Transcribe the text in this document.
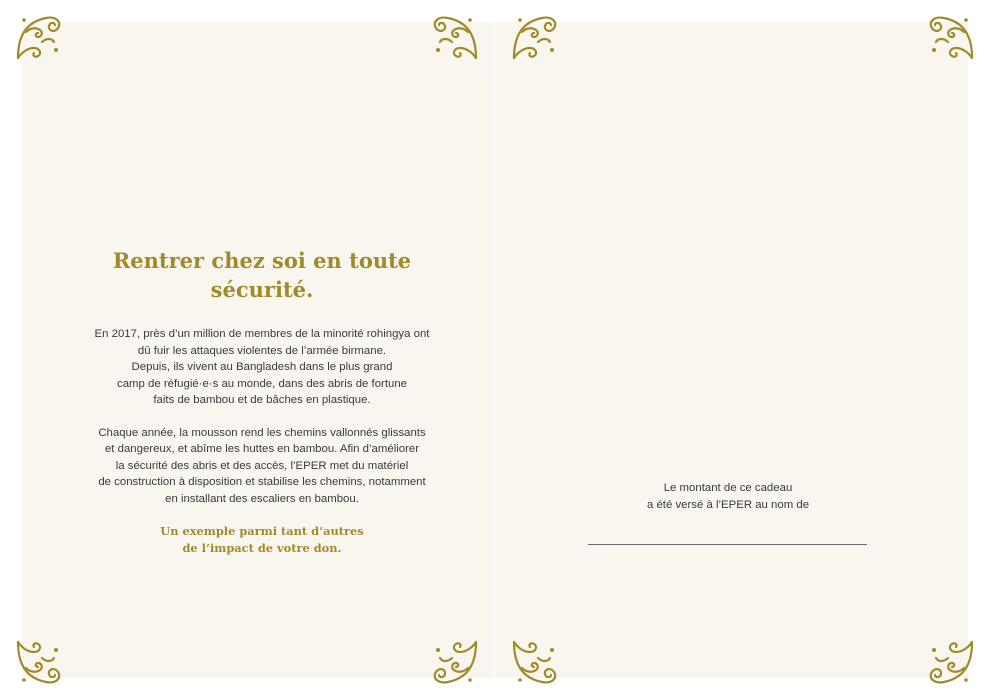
Rentrer chez soi en toute
sécurité.

En 2017, près d’un million de membres de la minorité rohingya ont
dû fuir les attaques violentes de l’armée birmane.
Depuis, ils vivent au Bangladesh dans le plus grand
camp de réfugié·e·s au monde, dans des abris de fortune
faits de bambou et de bâches en plastique.

Chaque année, la mousson rend les chemins vallonnés glissants
et dangereux, et abîme les huttes en bambou. Afin d’améliorer
la sécurité des abris et des accès, l’EPER met du matériel
de construction à disposition et stabilise les chemins, notamment
en installant des escaliers en bambou.

Un exemple parmi tant d’autres
de l’impact de votre don.

Le montant de ce cadeau
a été versé à l’EPER au nom de
